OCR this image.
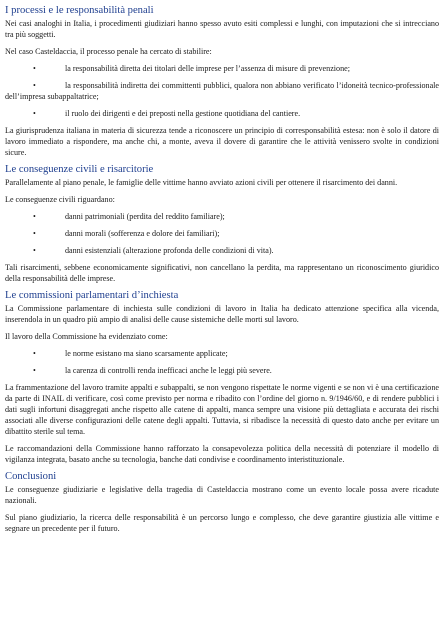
I processi e le responsabilità penali

Nei casi analoghi in Italia, i procedimenti giudiziari hanno spesso avuto esiti complessi e lunghi, con imputazioni che si intrecciano tra più soggetti.

Nel caso Casteldaccia, il processo penale ha cercato di stabilire:

•	la responsabilità diretta dei titolari delle imprese per l’assenza di misure di prevenzione;
•	la responsabilità indiretta dei committenti pubblici, qualora non abbiano verificato l’idoneità tecnico-professionale dell’impresa subappaltatrice;
•	il ruolo dei dirigenti e dei preposti nella gestione quotidiana del cantiere.

La giurisprudenza italiana in materia di sicurezza tende a riconoscere un principio di corresponsabilità estesa: non è solo il datore di lavoro immediato a rispondere, ma anche chi, a monte, aveva il dovere di garantire che le attività venissero svolte in condizioni sicure.

Le conseguenze civili e risarcitorie

Parallelamente al piano penale, le famiglie delle vittime hanno avviato azioni civili per ottenere il risarcimento dei danni.

Le conseguenze civili riguardano:

•	danni patrimoniali (perdita del reddito familiare);
•	danni morali (sofferenza e dolore dei familiari);
•	danni esistenziali (alterazione profonda delle condizioni di vita).

Tali risarcimenti, sebbene economicamente significativi, non cancellano la perdita, ma rappresentano un riconoscimento giuridico della responsabilità delle imprese.

Le commissioni parlamentari d’inchiesta

La Commissione parlamentare di inchiesta sulle condizioni di lavoro in Italia ha dedicato attenzione specifica alla vicenda, inserendola in un quadro più ampio di analisi delle cause sistemiche delle morti sul lavoro.

Il lavoro della Commissione ha evidenziato come:

•	le norme esistano ma siano scarsamente applicate;
•	la carenza di controlli renda inefficaci anche le leggi più severe.

La frammentazione del lavoro tramite appalti e subappalti, se non vengono rispettate le norme vigenti e se non vi è una certificazione da parte di INAIL di verificare, così come previsto per norma e ribadito con l’ordine del giorno n. 9/1946/60, e di rendere pubblici i dati sugli infortuni disaggregati anche rispetto alle catene di appalti, manca sempre una visione più dettagliata e accurata dei rischi associati alle diverse configurazioni delle catene degli appalti. Tuttavia, si ribadisce la necessità di questo dato anche per evitare un dibattito sterile sul tema.

Le raccomandazioni della Commissione hanno rafforzato la consapevolezza politica della necessità di potenziare il modello di vigilanza integrata, basato anche su tecnologia, banche dati condivise e coordinamento interistituzionale.

Conclusioni

Le conseguenze giudiziarie e legislative della tragedia di Casteldaccia mostrano come un evento locale possa avere ricadute nazionali.

Sul piano giudiziario, la ricerca delle responsabilità è un percorso lungo e complesso, che deve garantire giustizia alle vittime e segnare un precedente per il futuro.
